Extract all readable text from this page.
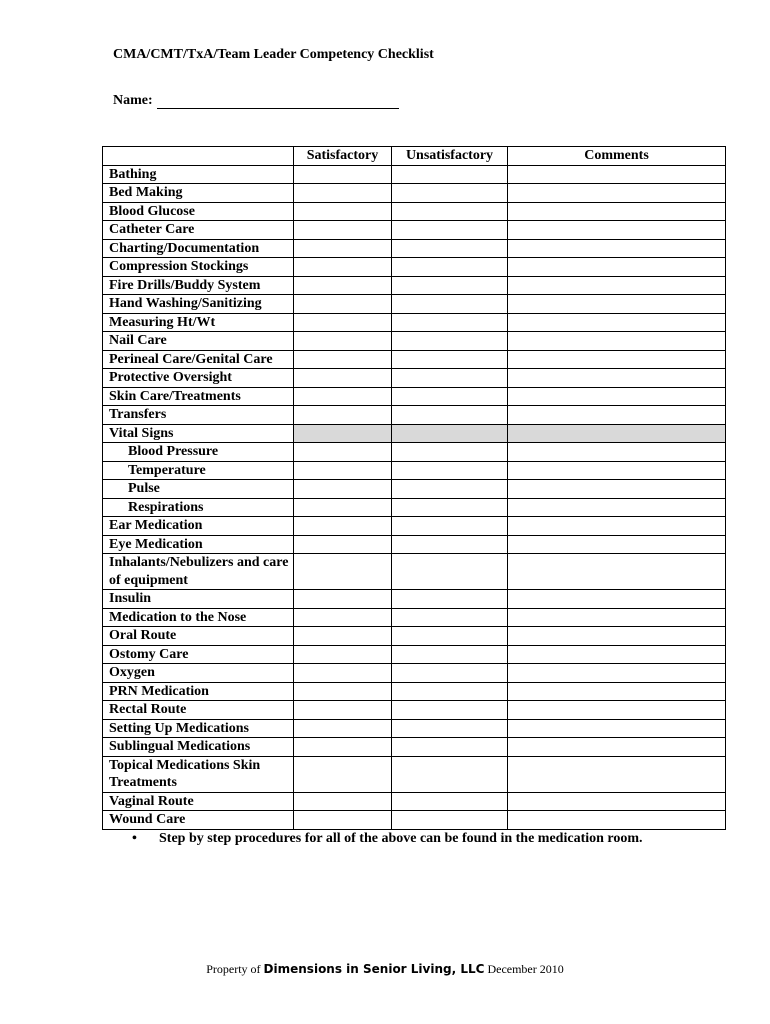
CMA/CMT/TxA/Team Leader Competency Checklist
Name:
	Satisfactory	Unsatisfactory	Comments
Bathing			
Bed Making			
Blood Glucose			
Catheter Care			
Charting/Documentation			
Compression Stockings			
Fire Drills/Buddy System			
Hand Washing/Sanitizing			
Measuring Ht/Wt			
Nail Care			
Perineal Care/Genital Care			
Protective Oversight			
Skin Care/Treatments			
Transfers			
Vital Signs			
Blood Pressure			
Temperature			
Pulse			
Respirations			
Ear Medication			
Eye Medication			
Inhalants/Nebulizers and care of equipment			
Insulin			
Medication to the Nose			
Oral Route			
Ostomy Care			
Oxygen			
PRN Medication			
Rectal Route			
Setting Up Medications			
Sublingual Medications			
Topical Medications Skin Treatments			
Vaginal Route			
Wound Care			
• Step by step procedures for all of the above can be found in the medication room.
Property of Dimensions in Senior Living, LLC December 2010
